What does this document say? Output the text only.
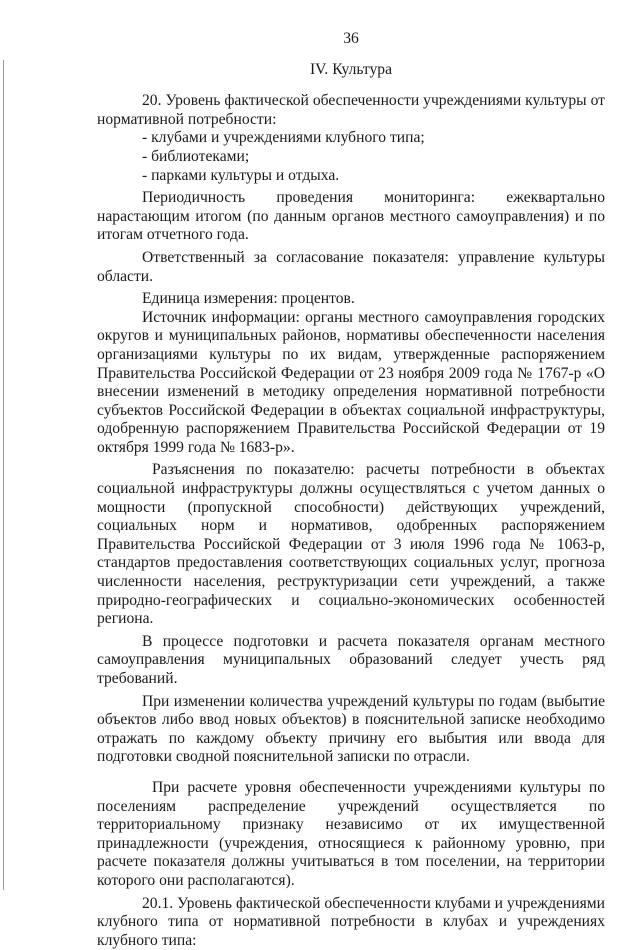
36
IV. Культура

20. Уровень фактической обеспеченности учреждениями культуры от нормативной потребности:

- клубами и учреждениями клубного типа;

- библиотеками;

- парками культуры и отдыха.

Периодичность проведения мониторинга: ежеквартально нарастающим итогом (по данным органов местного самоуправления) и по итогам отчетного года.

Ответственный за согласование показателя: управление культуры области.

Единица измерения: процентов.

Источник информации: органы местного самоуправления городских округов и муниципальных районов, нормативы обеспеченности населения организациями культуры по их видам, утвержденные распоряжением Правительства Российской Федерации от 23 ноября 2009 года № 1767-р «О внесении изменений в методику определения нормативной потребности субъектов Российской Федерации в объектах социальной инфраструктуры, одобренную распоряжением Правительства Российской Федерации от 19 октября 1999 года № 1683-р».

Разъяснения по показателю: расчеты потребности в объектах социальной инфраструктуры должны осуществляться с учетом данных о мощности (пропускной способности) действующих учреждений, социальных норм и нормативов, одобренных распоряжением Правительства Российской Федерации от 3 июля 1996 года № 1063-р, стандартов предоставления соответствующих социальных услуг, прогноза численности населения, реструктуризации сети учреждений, а также природно-географических и социально-экономических особенностей региона.

В процессе подготовки и расчета показателя органам местного самоуправления муниципальных образований следует учесть ряд требований.

При изменении количества учреждений культуры по годам (выбытие объектов либо ввод новых объектов) в пояснительной записке необходимо отражать по каждому объекту причину его выбытия или ввода для подготовки сводной пояснительной записки по отрасли.

При расчете уровня обеспеченности учреждениями культуры по поселениям распределение учреждений осуществляется по территориальному признаку независимо от их имущественной принадлежности (учреждения, относящиеся к районному уровню, при расчете показателя должны учитываться в том поселении, на территории которого они располагаются).

20.1. Уровень фактической обеспеченности клубами и учреждениями клубного типа от нормативной потребности в клубах и учреждениях клубного типа:
